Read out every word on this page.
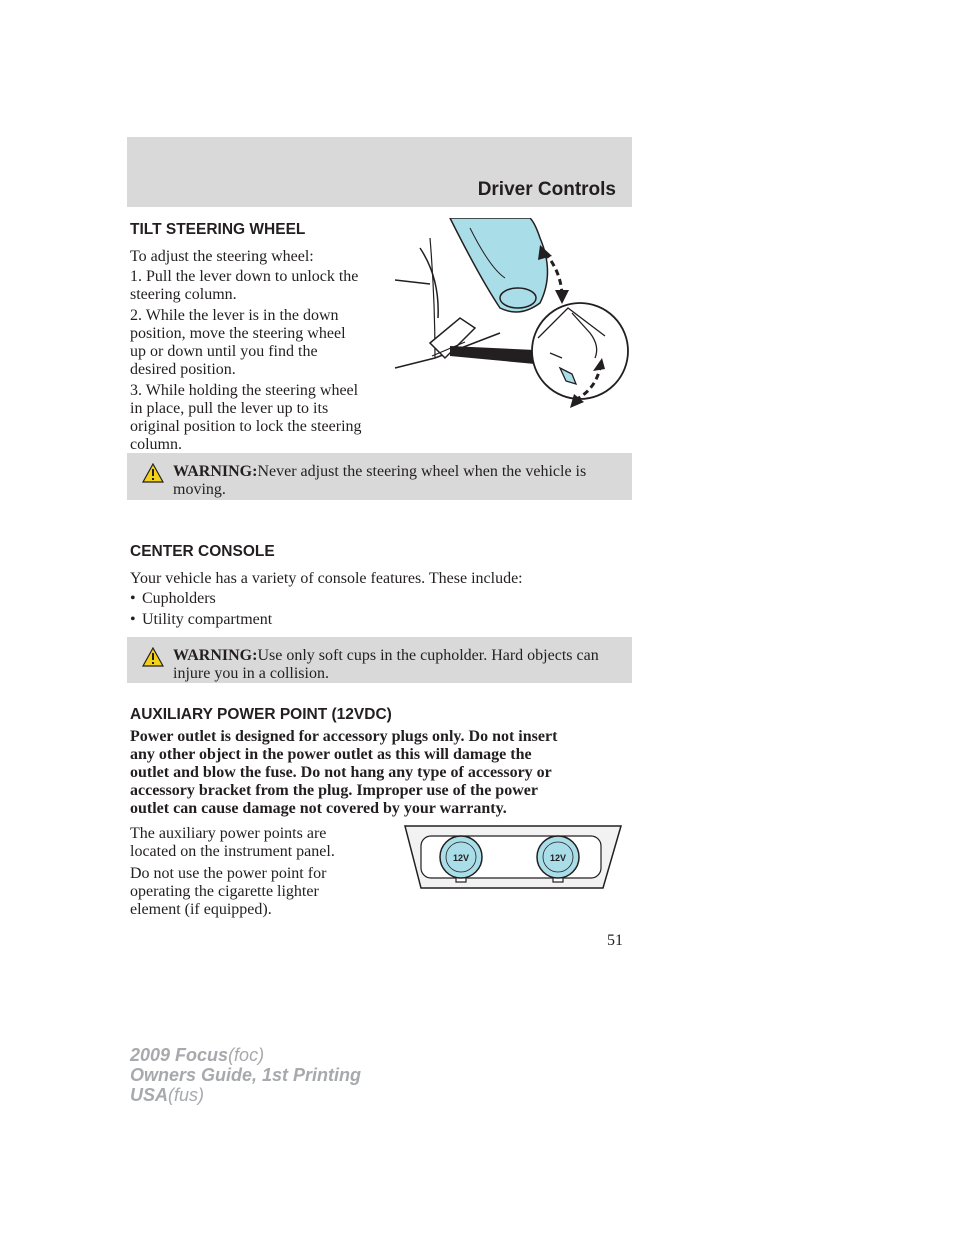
Driver Controls
TILT STEERING WHEEL

To adjust the steering wheel:

1. Pull the lever down to unlock the
steering column.

2. While the lever is in the down
position, move the steering wheel
up or down until you find the
desired position.

3. While holding the steering wheel
in place, pull the lever up to its
original position to lock the steering
column.

WARNING:Never adjust the steering wheel when the vehicle is moving.
CENTER CONSOLE

Your vehicle has a variety of console features. These include:

• Cupholders
• Utility compartment
WARNING:Use only soft cups in the cupholder. Hard objects can injure you in a collision.
AUXILIARY POWER POINT (12VDC)

Power outlet is designed for accessory plugs only. Do not insert
any other object in the power outlet as this will damage the
outlet and blow the fuse. Do not hang any type of accessory or
accessory bracket from the plug. Improper use of the power
outlet can cause damage not covered by your warranty.

The auxiliary power points are
located on the instrument panel.

Do not use the power point for
operating the cigarette lighter
element (if equipped).

12V	12V
51
2009 Focus(foc)
Owners Guide, 1st Printing
USA(fus)
